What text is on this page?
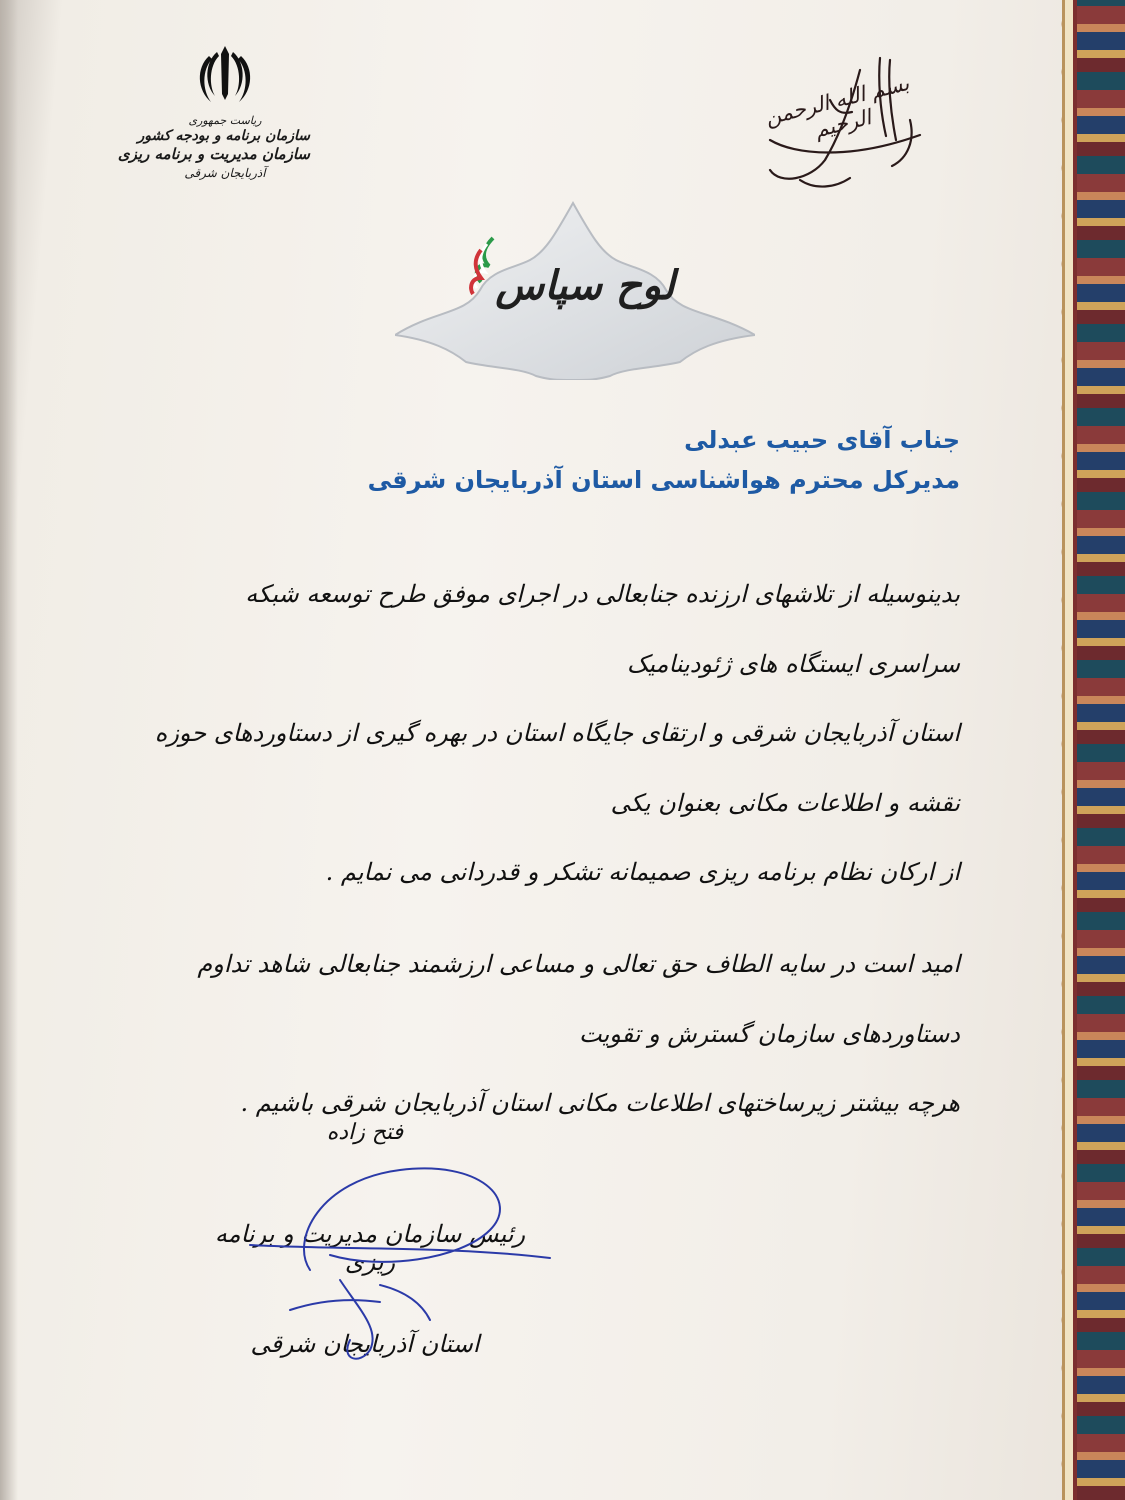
ریاست جمهوری
سازمان برنامه و بودجه کشور
سازمان مدیریت و برنامه ریزی
آذربایجان شرقی
بسم الله الرحمن الرحیم
لوح سپاس
جناب آقای حبیب عبدلی
مدیرکل محترم هواشناسی استان آذربایجان شرقی

بدینوسیله از تلاشهای ارزنده جنابعالی در اجرای موفق طرح توسعه شبکه سراسری ایستگاه های ژئودینامیک
استان آذربایجان شرقی و ارتقای جایگاه استان در بهره گیری از دستاوردهای حوزه نقشه و اطلاعات مکانی بعنوان یکی
از ارکان نظام برنامه ریزی صمیمانه تشکر و قدردانی می نمایم .

امید است در سایه الطاف حق تعالی و مساعی ارزشمند جنابعالی شاهد تداوم دستاوردهای سازمان گسترش و تقویت
هرچه بیشتر زیرساختهای اطلاعات مکانی استان آذربایجان شرقی باشیم .

فتح زاده
رئیس سازمان مدیریت و برنامه ریزی
استان آذربایجان شرقی
